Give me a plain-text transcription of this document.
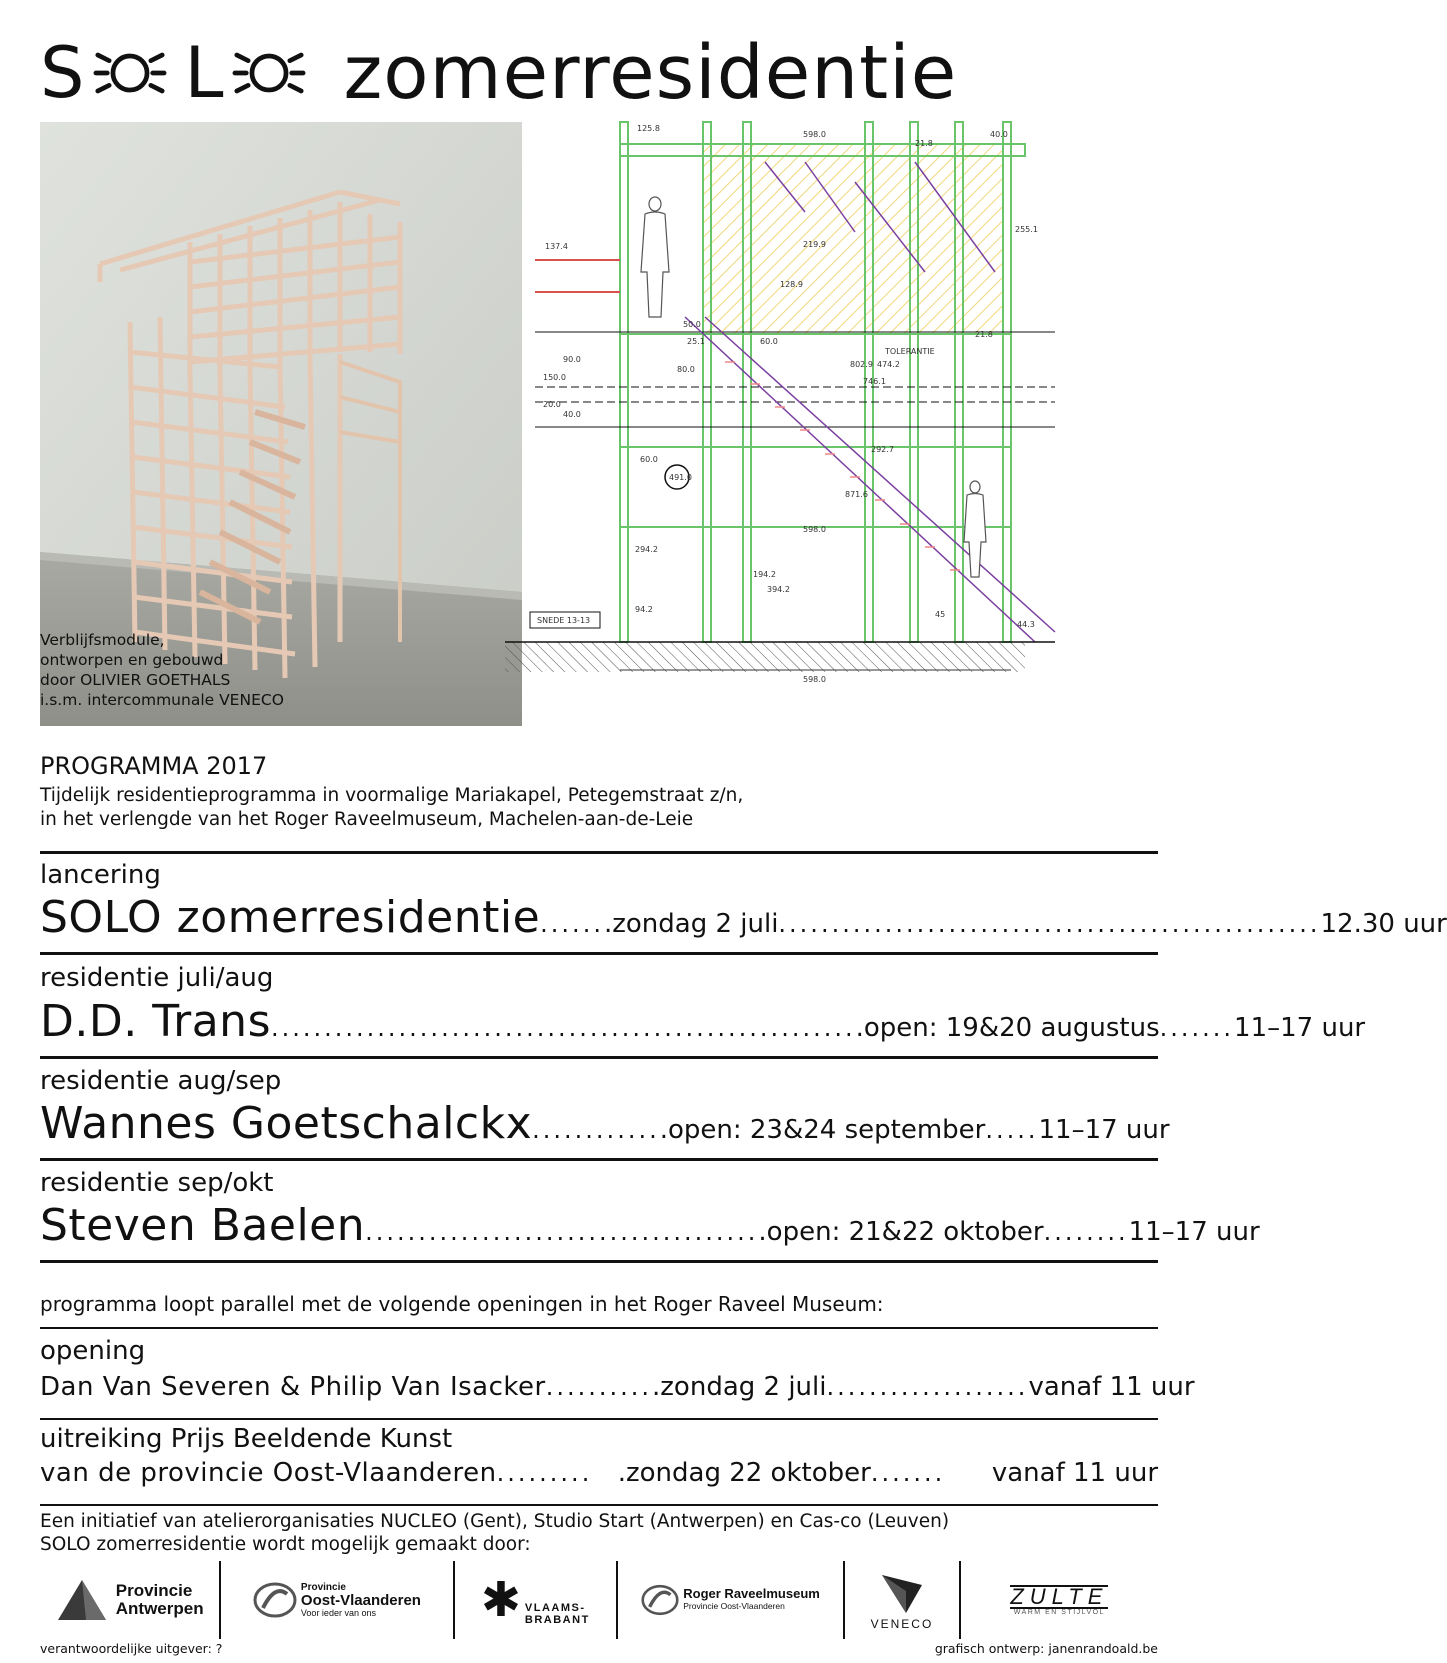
S L zomerresidentie
Verblijfsmodule,
ontworpen en gebouwd
door OLIVIER GOETHALS
i.s.m. intercommunale VENECO
SNEDE 13-13
125.8
598.0	40.0
21.8
137.4
255.1
219.9
128.9
60.0
80.0
25.1
50.0
150.0
90.0
20.0
40.0
802.9
746.1
474.2
TOLERANTIE
60.0
491.0
292.7
871.6
598.0
294.2
194.2
394.2
94.2
45
21.8
598.0
44.3
PROGRAMMA 2017
Tijdelijk residentieprogramma in voormalige Mariakapel, Petegemstraat z/n,
in het verlengde van het Roger Raveelmuseum, Machelen-aan-de-Leie
lancering
SOLO zomerresidentie ...... .zondag 2 juli ................................................... 12.30 uur
residentie juli/aug
D.D. Trans ....................................................... .open: 19&20 augustus ....... 11–17 uur
residentie aug/sep
Wannes Goetschalckx ............ .open: 23&24 september ..... 11–17 uur
residentie sep/okt
Steven Baelen ..................................... .open: 21&22 oktober ........ 11–17 uur
programma loopt parallel met de volgende openingen in het Roger Raveel Museum:
opening
Dan Van Severen & Philip Van Isacker .......... .zondag 2 juli ................... vanaf 11 uur
uitreiking Prijs Beeldende Kunst
van de provincie Oost-Vlaanderen ......... .zondag 22 oktober .......	vanaf 11 uur
Een initiatief van atelierorganisaties NUCLEO (Gent), Studio Start (Antwerpen) en Cas-co (Leuven)
SOLO zomerresidentie wordt mogelijk gemaakt door:
Provincie
Antwerpen
Provincie
Oost-Vlaanderen
Voor ieder van ons	✱ VLAAMS-
BRABANT
Roger Raveelmuseum
Provincie Oost-Vlaanderen
VENECO
ZULTE
WARM EN STIJLVOL
verantwoordelijke uitgever: ?	grafisch ontwerp: janenrandoald.be
